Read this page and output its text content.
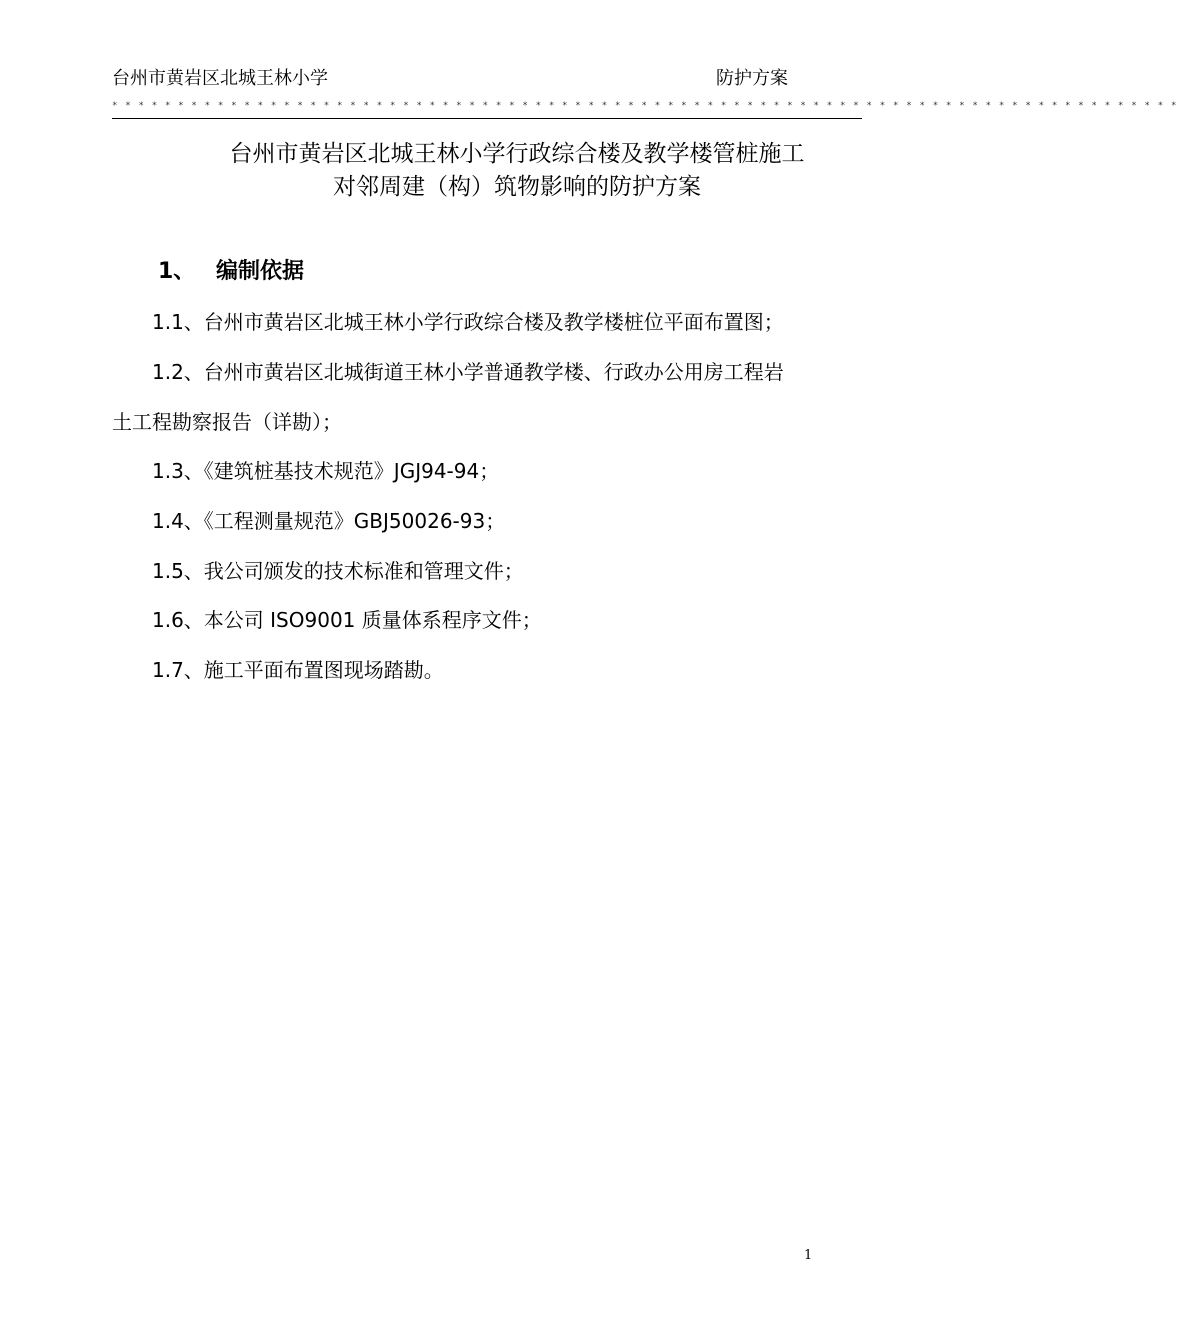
台州市黄岩区北城王林小学	防护方案
* * * * * * * * * * * * * * * * * * * * * * * * * * * * * * * * * * * * * * * * * * * * * * * * * * * * * * * * * * * * * * * * * * * * * * * * * * * * * * * * *
台州市黄岩区北城王林小学行政综合楼及教学楼管桩施工
对邻周建（构）筑物影响的防护方案
1、 编制依据
1.1、台州市黄岩区北城王林小学行政综合楼及教学楼桩位平面布置图；
1.2、台州市黄岩区北城街道王林小学普通教学楼、行政办公用房工程岩
土工程勘察报告（详勘）；
1.3、《建筑桩基技术规范》JGJ94-94；
1.4、《工程测量规范》GBJ50026-93；
1.5、我公司颁发的技术标准和管理文件；
1.6、本公司 ISO9001 质量体系程序文件；
1.7、施工平面布置图现场踏勘。
1
